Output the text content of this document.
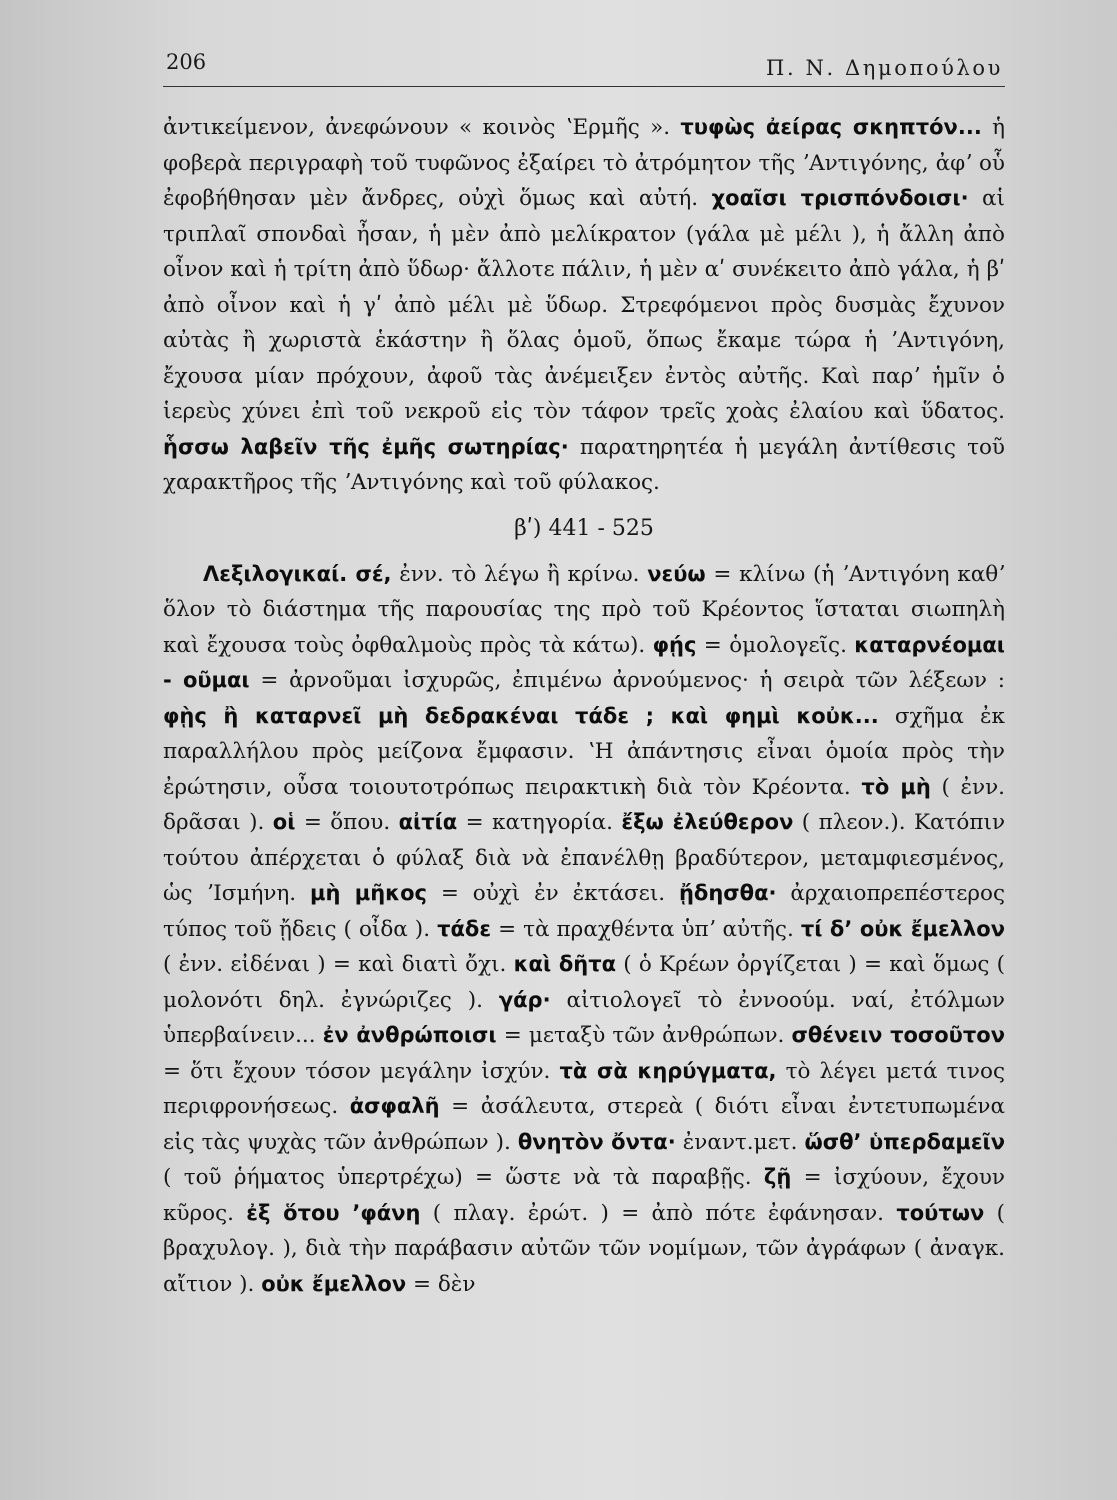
206	Π. Ν. Δημοπούλου

ἀντικείμενον, ἀνεφώνουν « κοινὸς ʽΕρμῆς ». τυφὼς ἀείρας σκηπτόν... ἡ φοβερὰ περιγραφὴ τοῦ τυφῶνος ἐξαίρει τὸ ἀτρόμητον τῆς ʼΑντιγόνης, ἀφʼ οὗ ἐφοβήθησαν μὲν ἄνδρες, οὐχὶ ὅμως καὶ αὐτή. χοαῖσι τρισπόνδοισι· αἱ τριπλαῖ σπονδαὶ ἦσαν, ἡ μὲν ἀπὸ μελίκρατον (γάλα μὲ μέλι ), ἡ ἄλλη ἀπὸ οἶνον καὶ ἡ τρίτη ἀπὸ ὕδωρ· ἄλλοτε πάλιν, ἡ μὲν αʹ συνέκειτο ἀπὸ γάλα, ἡ βʹ ἀπὸ οἶνον καὶ ἡ γʹ ἀπὸ μέλι μὲ ὕδωρ. Στρεφόμενοι πρὸς δυσμὰς ἔχυνον αὐτὰς ἢ χωριστὰ ἑκάστην ἢ ὅλας ὁμοῦ, ὅπως ἔκαμε τώρα ἡ ʼΑντιγόνη, ἔχουσα μίαν πρόχουν, ἀφοῦ τὰς ἀνέμειξεν ἐντὸς αὐτῆς. Καὶ παρʼ ἡμῖν ὁ ἱερεὺς χύνει ἐπὶ τοῦ νεκροῦ εἰς τὸν τάφον τρεῖς χοὰς ἐλαίου καὶ ὕδατος. ἧσσω λαβεῖν τῆς ἐμῆς σωτηρίας· παρατηρητέα ἡ μεγάλη ἀντίθεσις τοῦ χαρακτῆρος τῆς ʼΑντιγόνης καὶ τοῦ φύλακος.

βʹ) 441 - 525

Λεξιλογικαί. σέ, ἐνν. τὸ λέγω ἢ κρίνω. νεύω = κλίνω (ἡ ʼΑντιγόνη καθʼ ὅλον τὸ διάστημα τῆς παρουσίας της πρὸ τοῦ Κρέοντος ἵσταται σιωπηλὴ καὶ ἔχουσα τοὺς ὀφθαλμοὺς πρὸς τὰ κάτω). φῄς = ὁμολογεῖς. καταρνέομαι - οῦμαι = ἀρνοῦμαι ἰσχυρῶς, ἐπιμένω ἀρνούμενος· ἡ σειρὰ τῶν λέξεων : φῂς ἢ καταρνεῖ μὴ δεδρακέναι τάδε ; καὶ φημὶ κοὐκ... σχῆμα ἐκ παραλλήλου πρὸς μείζονα ἔμφασιν. ʽΗ ἀπάντησις εἶναι ὁμοία πρὸς τὴν ἐρώτησιν, οὖσα τοιουτοτρόπως πειρακτικὴ διὰ τὸν Κρέοντα. τὸ μὴ ( ἐνν. δρᾶσαι ). οἱ = ὅπου. αἰτία = κατηγορία. ἔξω ἐλεύθερον ( πλεον.). Κατόπιν τούτου ἀπέρχεται ὁ φύλαξ διὰ νὰ ἐπανέλθῃ βραδύτερον, μεταμφιεσμένος, ὡς ʼΙσμήνη. μὴ μῆκος = οὐχὶ ἐν ἐκτάσει. ᾔδησθα· ἀρχαιοπρεπέστερος τύπος τοῦ ᾔδεις ( οἶδα ). τάδε = τὰ πραχθέντα ὑπʼ αὐτῆς. τί δʼ οὐκ ἔμελλον ( ἐνν. εἰδέναι ) = καὶ διατὶ ὄχι. καὶ δῆτα ( ὁ Κρέων ὀργίζεται ) = καὶ ὅμως ( μολονότι δηλ. ἐγνώριζες ). γάρ· αἰτιολογεῖ τὸ ἐννοούμ. ναί, ἐτόλμων ὑπερβαίνειν... ἐν ἀνθρώποισι = μεταξὺ τῶν ἀνθρώπων. σθένειν τοσοῦτον = ὅτι ἔχουν τόσον μεγάλην ἰσχύν. τὰ σὰ κηρύγματα, τὸ λέγει μετά τινος περιφρονήσεως. ἀσφαλῆ = ἀσάλευτα, στερεὰ ( διότι εἶναι ἐντετυπωμένα εἰς τὰς ψυχὰς τῶν ἀνθρώπων ). θνητὸν ὄντα· ἐναντ.μετ. ὥσθʼ ὑπερδαμεῖν ( τοῦ ῥήματος ὑπερτρέχω) = ὥστε νὰ τὰ παραβῇς. ζῇ = ἰσχύουν, ἔχουν κῦρος. ἐξ ὅτου ʼφάνη ( πλαγ. ἐρώτ. ) = ἀπὸ πότε ἐφάνησαν. τούτων ( βραχυλογ. ), διὰ τὴν παράβασιν αὐτῶν τῶν νομίμων, τῶν ἀγράφων ( ἀναγκ. αἴτιον ). οὐκ ἔμελλον = δὲν
